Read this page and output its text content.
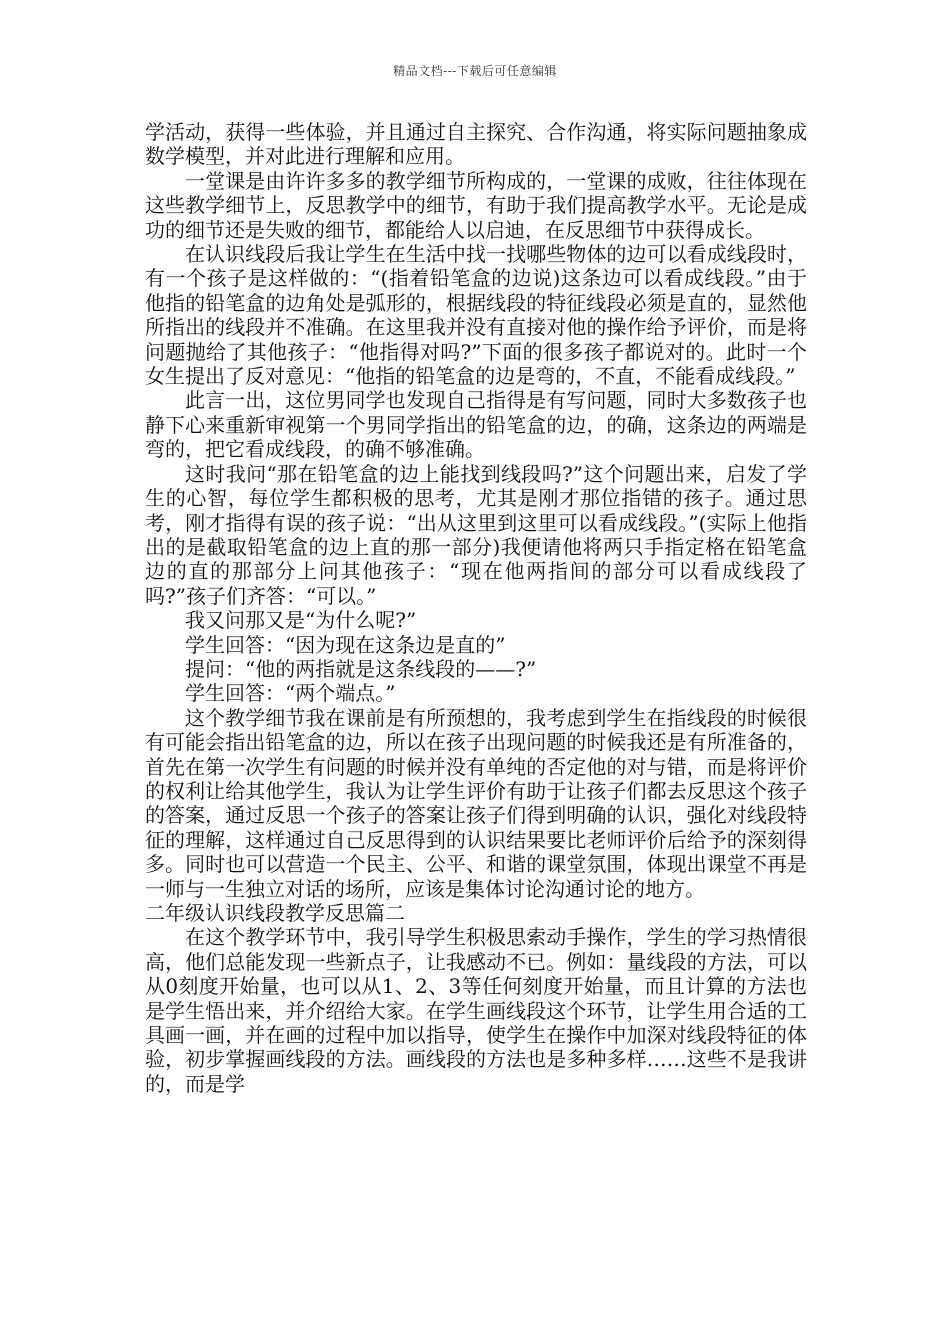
精品文档---下载后可任意编辑

学活动，获得一些体验，并且通过自主探究、合作沟通，将实际问题抽象成数学模型，并对此进行理解和应用。

一堂课是由许许多多的教学细节所构成的，一堂课的成败，往往体现在这些教学细节上，反思教学中的细节，有助于我们提高教学水平。无论是成功的细节还是失败的细节，都能给人以启迪，在反思细节中获得成长。

在认识线段后我让学生在生活中找一找哪些物体的边可以看成线段时，有一个孩子是这样做的：“(指着铅笔盒的边说)这条边可以看成线段。”由于他指的铅笔盒的边角处是弧形的，根据线段的特征线段必须是直的，显然他所指出的线段并不准确。在这里我并没有直接对他的操作给予评价，而是将问题抛给了其他孩子：“他指得对吗?”下面的很多孩子都说对的。此时一个女生提出了反对意见：“他指的铅笔盒的边是弯的，不直，不能看成线段。”

此言一出，这位男同学也发现自己指得是有写问题，同时大多数孩子也静下心来重新审视第一个男同学指出的铅笔盒的边，的确，这条边的两端是弯的，把它看成线段，的确不够准确。

这时我问“那在铅笔盒的边上能找到线段吗?”这个问题出来，启发了学生的心智，每位学生都积极的思考，尤其是刚才那位指错的孩子。通过思考，刚才指得有误的孩子说：“出从这里到这里可以看成线段。”(实际上他指出的是截取铅笔盒的边上直的那一部分)我便请他将两只手指定格在铅笔盒边的直的那部分上问其他孩子：“现在他两指间的部分可以看成线段了吗?”孩子们齐答：“可以。”

我又问那又是“为什么呢?”

学生回答：“因为现在这条边是直的”

提问：“他的两指就是这条线段的——?”

学生回答：“两个端点。”

这个教学细节我在课前是有所预想的，我考虑到学生在指线段的时候很有可能会指出铅笔盒的边，所以在孩子出现问题的时候我还是有所准备的，首先在第一次学生有问题的时候并没有单纯的否定他的对与错，而是将评价的权利让给其他学生，我认为让学生评价有助于让孩子们都去反思这个孩子的答案，通过反思一个孩子的答案让孩子们得到明确的认识，强化对线段特征的理解，这样通过自己反思得到的认识结果要比老师评价后给予的深刻得多。同时也可以营造一个民主、公平、和谐的课堂氛围，体现出课堂不再是一师与一生独立对话的场所，应该是集体讨论沟通讨论的地方。

二年级认识线段教学反思篇二

在这个教学环节中，我引导学生积极思索动手操作，学生的学习热情很高，他们总能发现一些新点子，让我感动不已。例如：量线段的方法，可以从0刻度开始量，也可以从1、2、3等任何刻度开始量，而且计算的方法也是学生悟出来，并介绍给大家。在学生画线段这个环节，让学生用合适的工具画一画，并在画的过程中加以指导，使学生在操作中加深对线段特征的体验，初步掌握画线段的方法。画线段的方法也是多种多样……这些不是我讲的，而是学
